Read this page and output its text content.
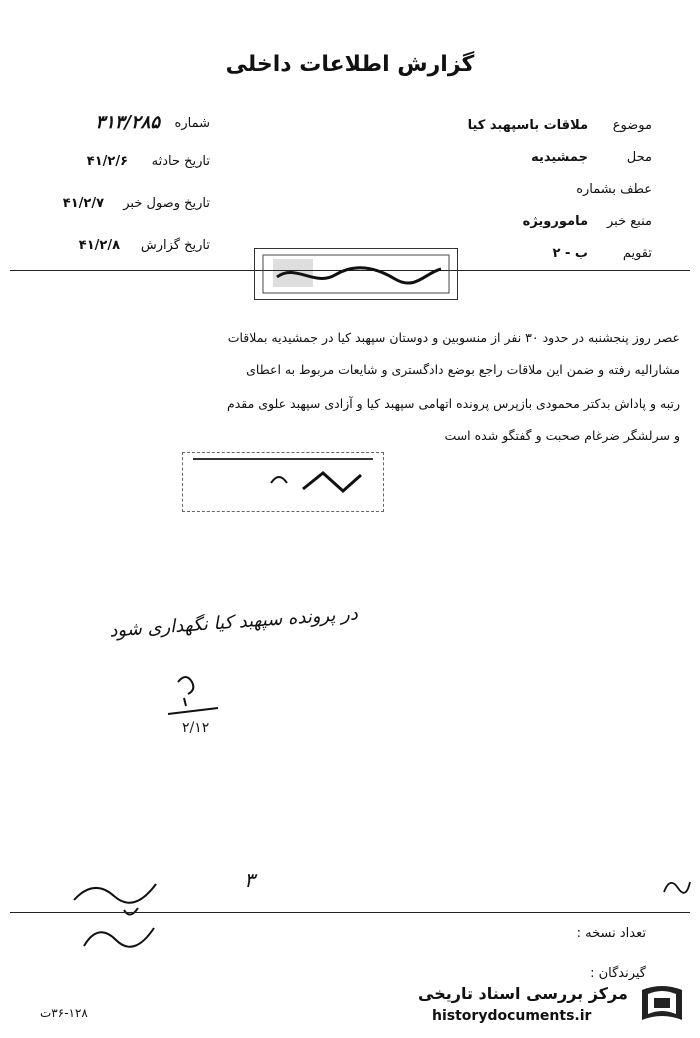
گزارش اطلاعات داخلی
موضوع
ملاقات باسپهبد کیا
محل
جمشیدیه
عطف بشماره
منبع خبر
مامورویژه
تقویم
ب - ۲
شماره
۳۱۳/۲۸۵
تاریخ حادثه
۴۱/۲/۶
تاریخ وصول خبر
۴۱/۲/۷
تاریخ گزارش
۴۱/۲/۸
عصر روز پنجشنبه در حدود ۳۰ نفر از منسوبین و دوستان سپهبد کیا در جمشیدیه بملاقات
مشارالیه رفته و ضمن این ملاقات راجع بوضع دادگستری و شایعات مربوط به اعطای
رتبه و پاداش بدکتر محمودی بازپرس پرونده اتهامی سپهبد کیا و آزادی سپهبد علوی مقدم
و سرلشگر ضرغام صحبت و گفتگو شده است
در پرونده سپهبد کیا نگهداری شود
۲/۱۲
۳
تعداد نسخه :
گیرندگان :
۳۶-۱۲۸ت
مرکز بررسی اسناد تاریخی
historydocuments.ir
